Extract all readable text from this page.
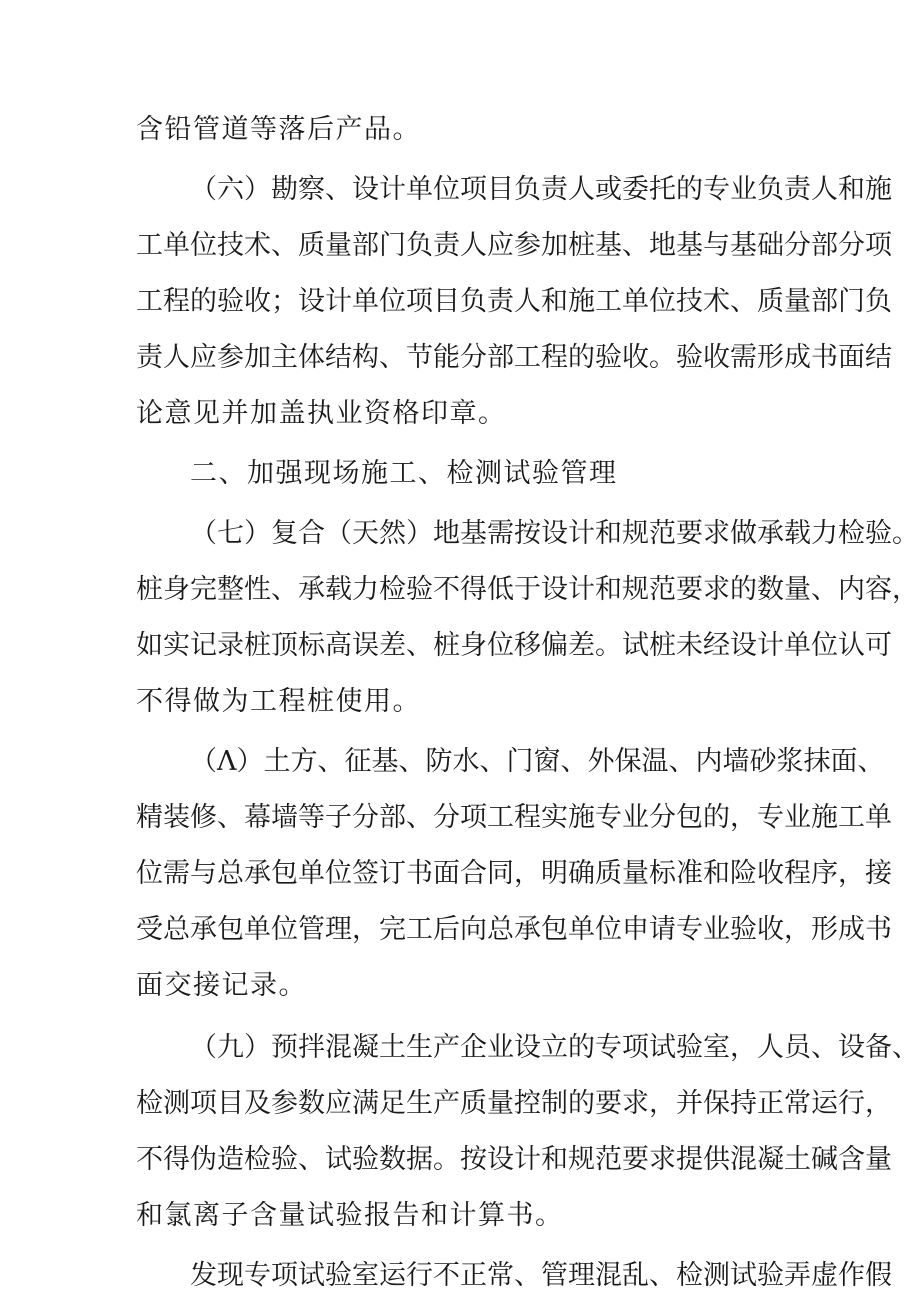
含铅管道等落后产品。
（六）勘察、设计单位项目负责人或委托的专业负责人和施
工单位技术、质量部门负责人应参加桩基、地基与基础分部分项
工程的验收；设计单位项目负责人和施工单位技术、质量部门负
责人应参加主体结构、节能分部工程的验收。验收需形成书面结
论意见并加盖执业资格印章。
二、加强现场施工、检测试验管理
（七）复合（天然）地基需按设计和规范要求做承载力检验。
桩身完整性、承载力检验不得低于设计和规范要求的数量、内容，
如实记录桩顶标高误差、桩身位移偏差。试桩未经设计单位认可
不得做为工程桩使用。
（Λ）土方、征基、防水、门窗、外保温、内墙砂浆抹面、
精装修、幕墙等子分部、分项工程实施专业分包的，专业施工单
位需与总承包单位签订书面合同，明确质量标准和险收程序，接
受总承包单位管理，完工后向总承包单位申请专业验收，形成书
面交接记录。
（九）预拌混凝土生产企业设立的专项试验室，人员、设备、
检测项目及参数应满足生产质量控制的要求，并保持正常运行，
不得伪造检验、试验数据。按设计和规范要求提供混凝土碱含量
和氯离子含量试验报告和计算书。
发现专项试验室运行不正常、管理混乱、检测试验弄虚作假
